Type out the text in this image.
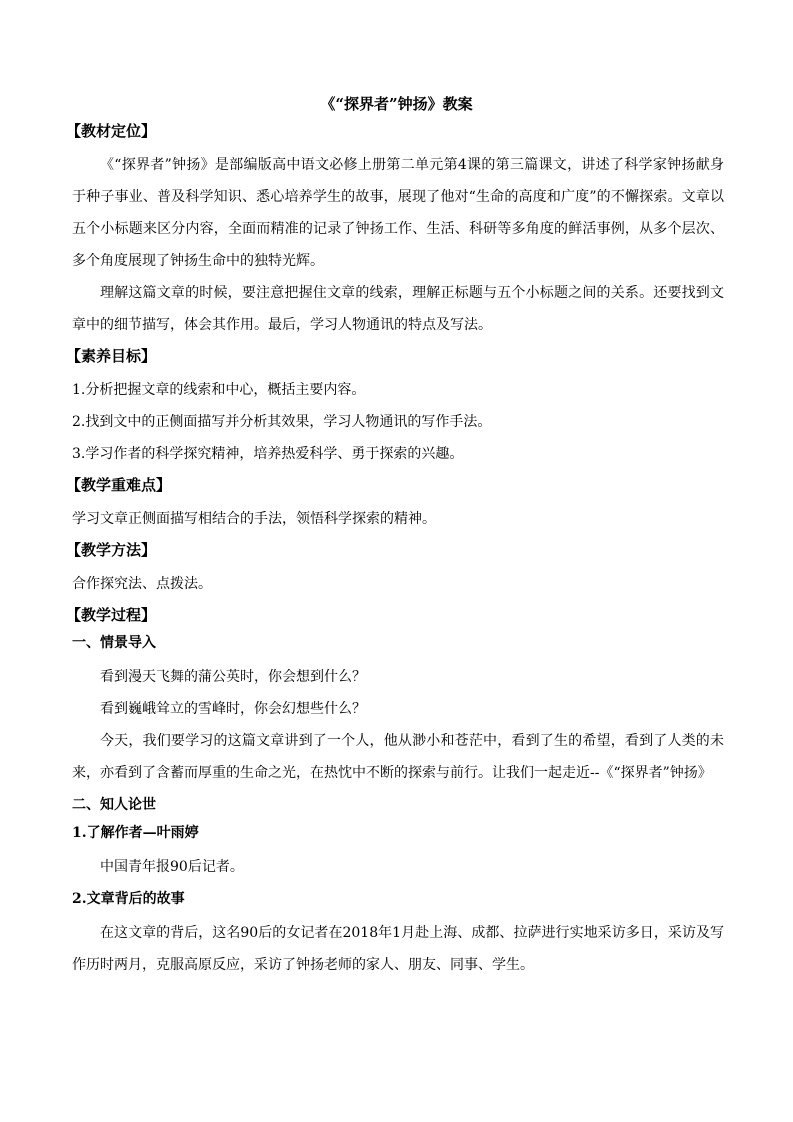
《“探界者”钟扬》教案
【教材定位】

《“探界者”钟扬》是部编版高中语文必修上册第二单元第4课的第三篇课文，讲述了科学家钟扬献身于种子事业、普及科学知识、悉心培养学生的故事，展现了他对“生命的高度和广度”的不懈探索。文章以五个小标题来区分内容，全面而精准的记录了钟扬工作、生活、科研等多角度的鲜活事例，从多个层次、多个角度展现了钟扬生命中的独特光辉。

理解这篇文章的时候，要注意把握住文章的线索，理解正标题与五个小标题之间的关系。还要找到文章中的细节描写，体会其作用。最后，学习人物通讯的特点及写法。

【素养目标】

1.分析把握文章的线索和中心，概括主要内容。

2.找到文中的正侧面描写并分析其效果，学习人物通讯的写作手法。

3.学习作者的科学探究精神，培养热爱科学、勇于探索的兴趣。

【教学重难点】

学习文章正侧面描写相结合的手法，领悟科学探索的精神。

【教学方法】

合作探究法、点拨法。

【教学过程】
一、情景导入

看到漫天飞舞的蒲公英时，你会想到什么？

看到巍峨耸立的雪峰时，你会幻想些什么？

今天，我们要学习的这篇文章讲到了一个人，他从渺小和苍茫中，看到了生的希望，看到了人类的未来，亦看到了含蓄而厚重的生命之光，在热忱中不断的探索与前行。让我们一起走近--《“探界者”钟扬》

二、知人论世
1.了解作者—叶雨婷

中国青年报90后记者。

2.文章背后的故事

在这文章的背后，这名90后的女记者在2018年1月赴上海、成都、拉萨进行实地采访多日，采访及写作历时两月，克服高原反应，采访了钟扬老师的家人、朋友、同事、学生。
